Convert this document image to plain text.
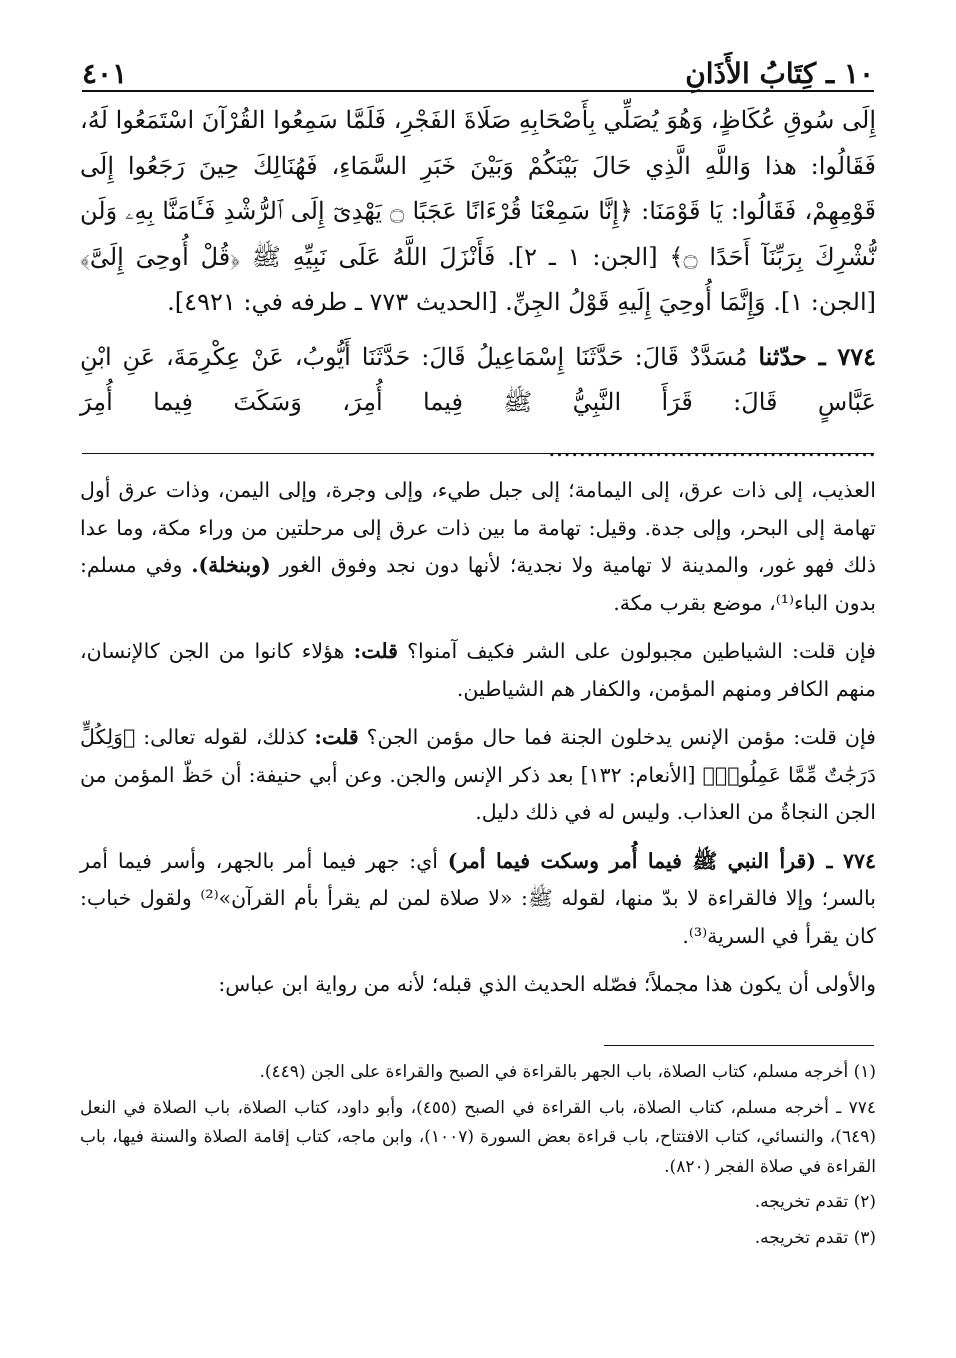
٤٠١	١٠ ـ كِتَابُ الأَذَانِ

إِلَى سُوقِ عُكَاظٍ، وَهُوَ يُصَلِّي بِأَصْحَابِهِ صَلَاةَ الفَجْرِ، فَلَمَّا سَمِعُوا القُرْآنَ اسْتَمَعُوا لَهُ، فَقَالُوا: هذا وَاللَّهِ الَّذِي حَالَ بَيْنَكُمْ وَبَيْنَ خَبَرِ السَّمَاءِ، فَهُنَالِكَ حِينَ رَجَعُوا إِلَى قَوْمِهِمْ، فَقَالُوا: يَا قَوْمَنَا: ﴿إِنَّا سَمِعْنَا قُرْءَانًا عَجَبًا ۝ يَهْدِىٓ إِلَى ٱلرُّشْدِ فَـَٔامَنَّا بِهِۦ وَلَن نُّشْرِكَ بِرَبِّنَآ أَحَدًا ۝﴾ [الجن: ١ ـ ٢]. فَأَنْزَلَ اللَّهُ عَلَى نَبِيِّهِ ﷺ ﴿قُلْ أُوحِىَ إِلَىَّ﴾ [الجن: ١]. وَإِنَّمَا أُوحِيَ إِلَيهِ قَوْلُ الجِنِّ. [الحديث ٧٧٣ ـ طرفه في: ٤٩٢١].

٧٧٤ ـ حدّثنا مُسَدَّدٌ قَالَ: حَدَّثَنَا إِسْمَاعِيلُ قَالَ: حَدَّثَنَا أَيُّوبُ، عَنْ عِكْرِمَةَ، عَنِ ابْنِ عَبَّاسٍ قَالَ: قَرَأَ النَّبِيُّ ﷺ فِيما أُمِرَ، وَسَكَتَ فِيما أُمِرَ ...........................................

العذيب، إلى ذات عرق، إلى اليمامة؛ إلى جبل طيء، وإلى وجرة، وإلى اليمن، وذات عرق أول تهامة إلى البحر، وإلى جدة. وقيل: تهامة ما بين ذات عرق إلى مرحلتين من وراء مكة، وما عدا ذلك فهو غور، والمدينة لا تهامية ولا نجدية؛ لأنها دون نجد وفوق الغور (وبنخلة). وفي مسلم: بدون الباء⁽¹⁾، موضع بقرب مكة.

فإن قلت: الشياطين مجبولون على الشر فكيف آمنوا؟ قلت: هؤلاء كانوا من الجن كالإنسان، منهم الكافر ومنهم المؤمن، والكفار هم الشياطين.

فإن قلت: مؤمن الإنس يدخلون الجنة فما حال مؤمن الجن؟ قلت: كذلك، لقوله تعالى: ﴿وَلِكُلٍّ دَرَجَٰتٌ مِّمَّا عَمِلُوا۟﴾ [الأنعام: ١٣٢] بعد ذكر الإنس والجن. وعن أبي حنيفة: أن حَظّ المؤمن من الجن النجاةُ من العذاب. وليس له في ذلك دليل.

٧٧٤ ـ (قرأ النبي ﷺ فيما أُمر وسكت فيما أمر) أي: جهر فيما أمر بالجهر، وأسر فيما أمر بالسر؛ وإلا فالقراءة لا بدّ منها، لقوله ﷺ: «لا صلاة لمن لم يقرأ بأم القرآن»⁽²⁾ ولقول خباب: كان يقرأ في السرية⁽³⁾.

والأولى أن يكون هذا مجملاً؛ فصّله الحديث الذي قبله؛ لأنه من رواية ابن عباس:

(١) أخرجه مسلم، كتاب الصلاة، باب الجهر بالقراءة في الصبح والقراءة على الجن (٤٤٩).

٧٧٤ ـ أخرجه مسلم، كتاب الصلاة، باب القراءة في الصبح (٤٥٥)، وأبو داود، كتاب الصلاة، باب الصلاة في النعل (٦٤٩)، والنسائي، كتاب الافتتاح، باب قراءة بعض السورة (١٠٠٧)، وابن ماجه، كتاب إقامة الصلاة والسنة فيها، باب القراءة في صلاة الفجر (٨٢٠).

(٢) تقدم تخريجه.

(٣) تقدم تخريجه.
